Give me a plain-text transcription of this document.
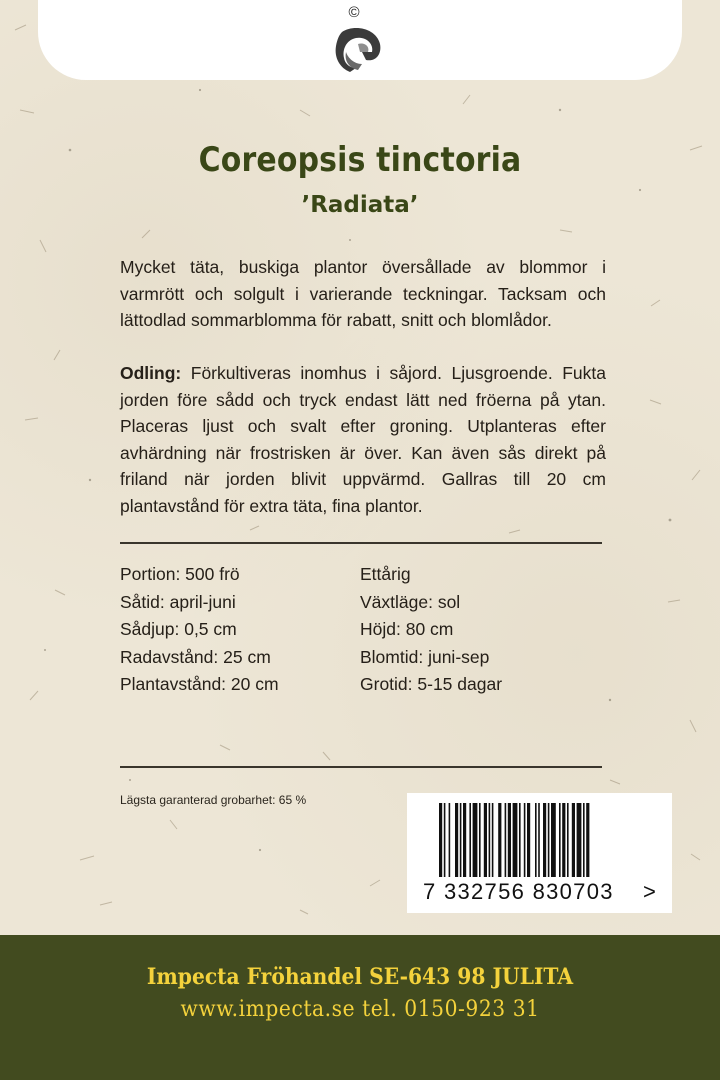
©
Coreopsis tinctoria
’Radiata’
Mycket täta, buskiga plantor översållade av blommor i varmrött och solgult i varierande teckningar. Tacksam och lättodlad sommarblomma för rabatt, snitt och blomlådor.
Odling: Förkultiveras inomhus i såjord. Ljusgroende. Fukta jorden före sådd och tryck endast lätt ned fröerna på ytan. Placeras ljust och svalt efter groning. Utplanteras efter avhärdning när frostrisken är över. Kan även sås direkt på friland när jorden blivit uppvärmd. Gallras till 20 cm plantavstånd för extra täta, fina plantor.
Portion: 500 frö
Såtid: april-juni
Sådjup: 0,5 cm
Radavstånd: 25 cm
Plantavstånd: 20 cm
Ettårig
Växtläge: sol
Höjd: 80 cm
Blomtid: juni-sep
Grotid: 5-15 dagar
Lägsta garanterad grobarhet: 65 %
7 332756 830703	>
Impecta Fröhandel SE-643 98 JULITA
www.impecta.se tel. 0150-923 31
